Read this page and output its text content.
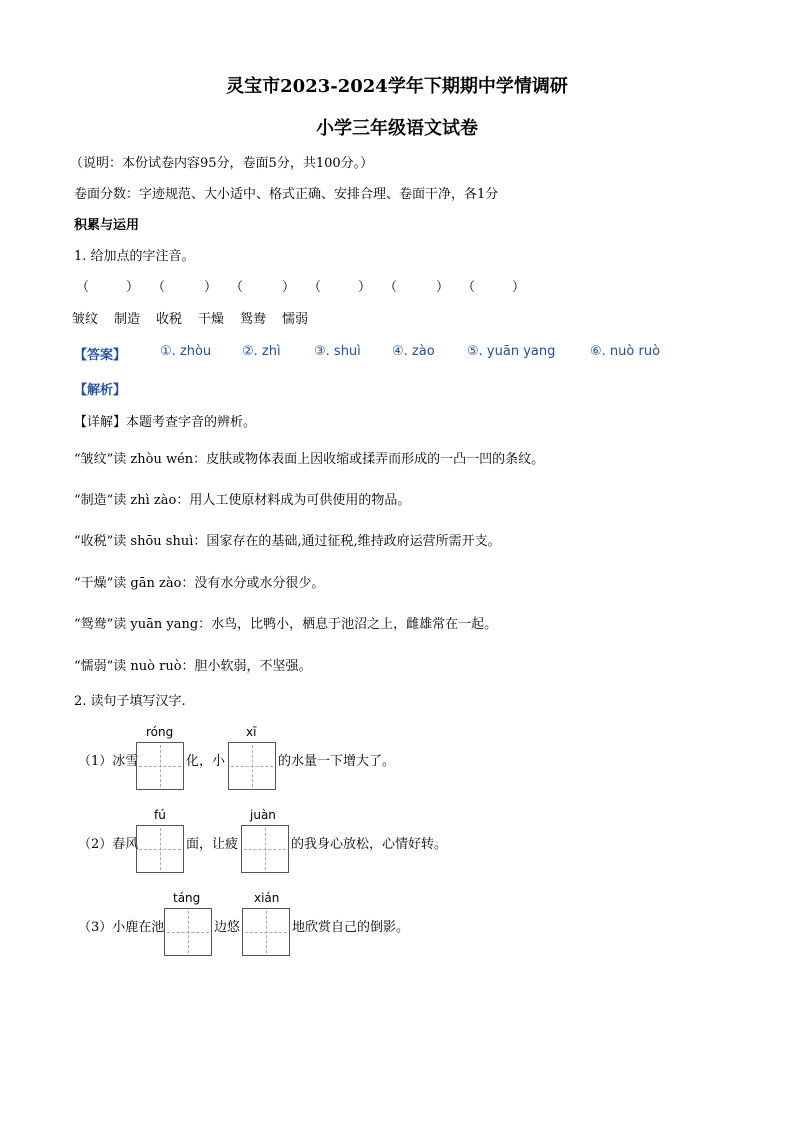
灵宝市2023-2024学年下期期中学情调研
小学三年级语文试卷
（说明：本份试卷内容95分，卷面5分，共100分。）
卷面分数：字迹规范、大小适中、格式正确、安排合理、卷面干净，各1分
积累与运用
1. 给加点的字注音。
（	） （	） （	） （	） （	） （	）
皱纹 制造 收税 干燥 鸳鸯 懦弱
【答案】	①. zhòu ②. zhì	③. shuì ④. zào ⑤. yuān yang	⑥. nuò ruò
【解析】
【详解】本题考查字音的辨析。
“皱纹”读 zhòu wén：皮肤或物体表面上因收缩或揉弄而形成的一凸一凹的条纹。
“制造”读 zhì zào：用人工使原材料成为可供使用的物品。
“收税”读 shōu shuì：国家存在的基础,通过征税,维持政府运营所需开支。
“干燥”读 gān zào：没有水分或水分很少。
“鸳鸯”读 yuān yang：水鸟，比鸭小，栖息于池沼之上，雌雄常在一起。
“懦弱”读 nuò ruò：胆小软弱，不坚强。
2. 读句子填写汉字.
róng	xī
（1）冰雪	化，小	的水量一下增大了。
fú	juàn
（2）春风	面，让疲	的我身心放松，心情好转。
táng	xián
（3）小鹿在池	边悠	地欣赏自己的倒影。
